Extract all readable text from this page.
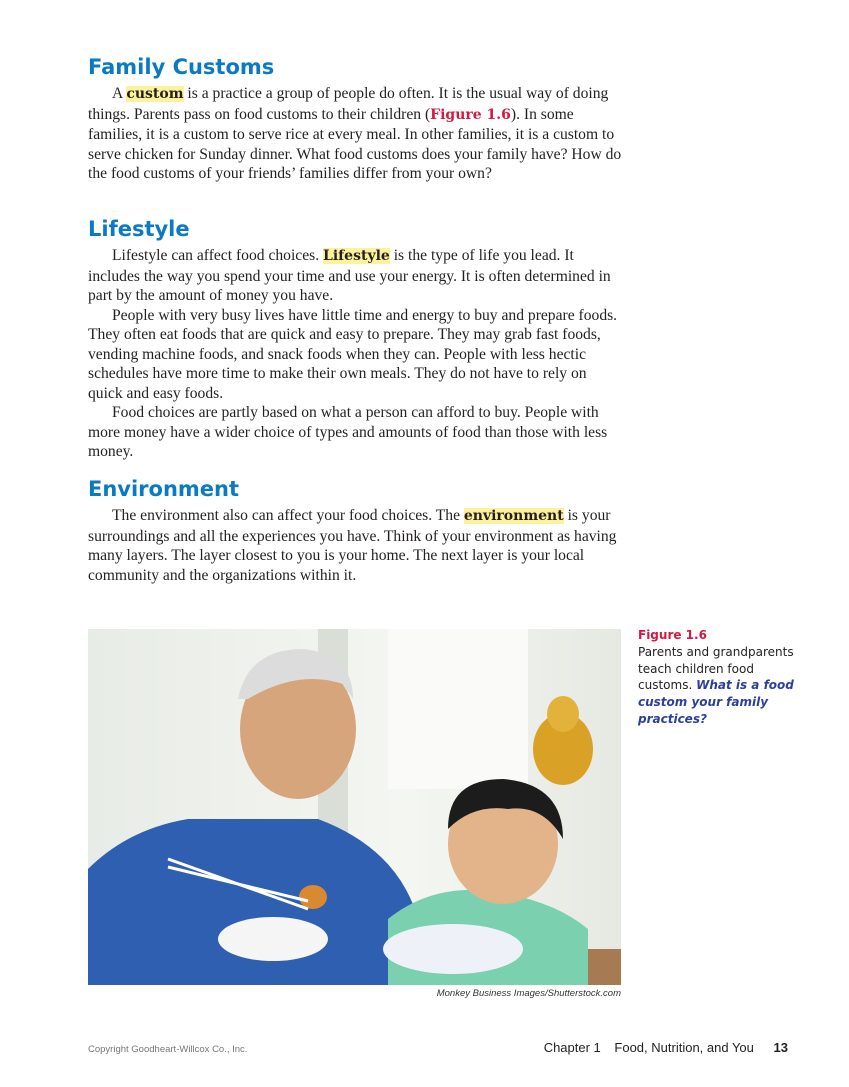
Family Customs

A custom is a practice a group of people do often. It is the usual way of doing things. Parents pass on food customs to their children (Figure 1.6). In some families, it is a custom to serve rice at every meal. In other families, it is a custom to serve chicken for Sunday dinner. What food customs does your family have? How do the food customs of your friends’ families differ from your own?

Lifestyle

Lifestyle can affect food choices. Lifestyle is the type of life you lead. It includes the way you spend your time and use your energy. It is often determined in part by the amount of money you have.

People with very busy lives have little time and energy to buy and prepare foods. They often eat foods that are quick and easy to prepare. They may grab fast foods, vending machine foods, and snack foods when they can. People with less hectic schedules have more time to make their own meals. They do not have to rely on quick and easy foods.

Food choices are partly based on what a person can afford to buy. People with more money have a wider choice of types and amounts of food than those with less money.

Environment

The environment also can affect your food choices. The environment is your surroundings and all the experiences you have. Think of your environment as having many layers. The layer closest to you is your home. The next layer is your local community and the organizations within it.

Monkey Business Images/Shutterstock.com
Figure 1.6
Parents and grandparents teach children food customs. What is a food custom your family practices?
Copyright Goodheart-Willcox Co., Inc.	Chapter 1 Food, Nutrition, and You 13
